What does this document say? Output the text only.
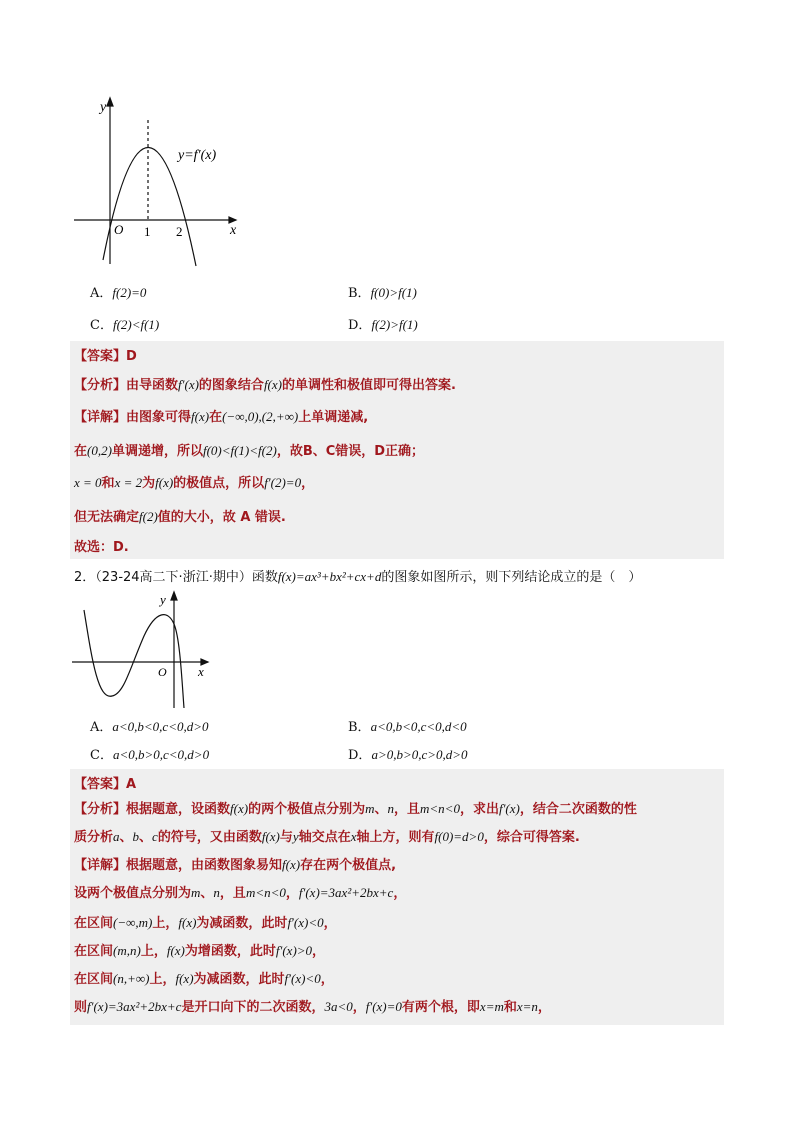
y
x
O 1 2
y=f′(x)
A．f(2)=0	B．f(0)>f(1)
C．f(2)<f(1)	D．f(2)>f(1)
【答案】D
【分析】由导函数f′(x)的图象结合f(x)的单调性和极值即可得出答案.
【详解】由图象可得f(x)在(−∞,0),(2,+∞)上单调递减,
在(0,2)单调递增，所以f(0)<f(1)<f(2)，故B、C错误，D正确；
x = 0和x = 2为f(x)的极值点，所以f′(2)=0，
但无法确定f(2)值的大小，故 A 错误.
故选：D.
2．（23-24高二下·浙江·期中）函数f(x)=ax³+bx²+cx+d的图象如图所示，则下列结论成立的是（　）
y
x
O
A．a<0,b<0,c<0,d>0	B．a<0,b<0,c<0,d<0
C．a<0,b>0,c<0,d>0	D．a>0,b>0,c>0,d>0
【答案】A
【分析】根据题意，设函数f(x)的两个极值点分别为m、n，且m<n<0，求出f′(x)，结合二次函数的性
质分析a、b、c的符号，又由函数f(x)与y轴交点在x轴上方，则有f(0)=d>0，综合可得答案.
【详解】根据题意，由函数图象易知f(x)存在两个极值点,
设两个极值点分别为m、n，且m<n<0，f′(x)=3ax²+2bx+c，
在区间(−∞,m)上，f(x)为减函数，此时f′(x)<0，
在区间(m,n)上，f(x)为增函数，此时f′(x)>0，
在区间(n,+∞)上，f(x)为减函数，此时f′(x)<0，
则f′(x)=3ax²+2bx+c是开口向下的二次函数，3a<0，f′(x)=0有两个根，即x=m和x=n，
